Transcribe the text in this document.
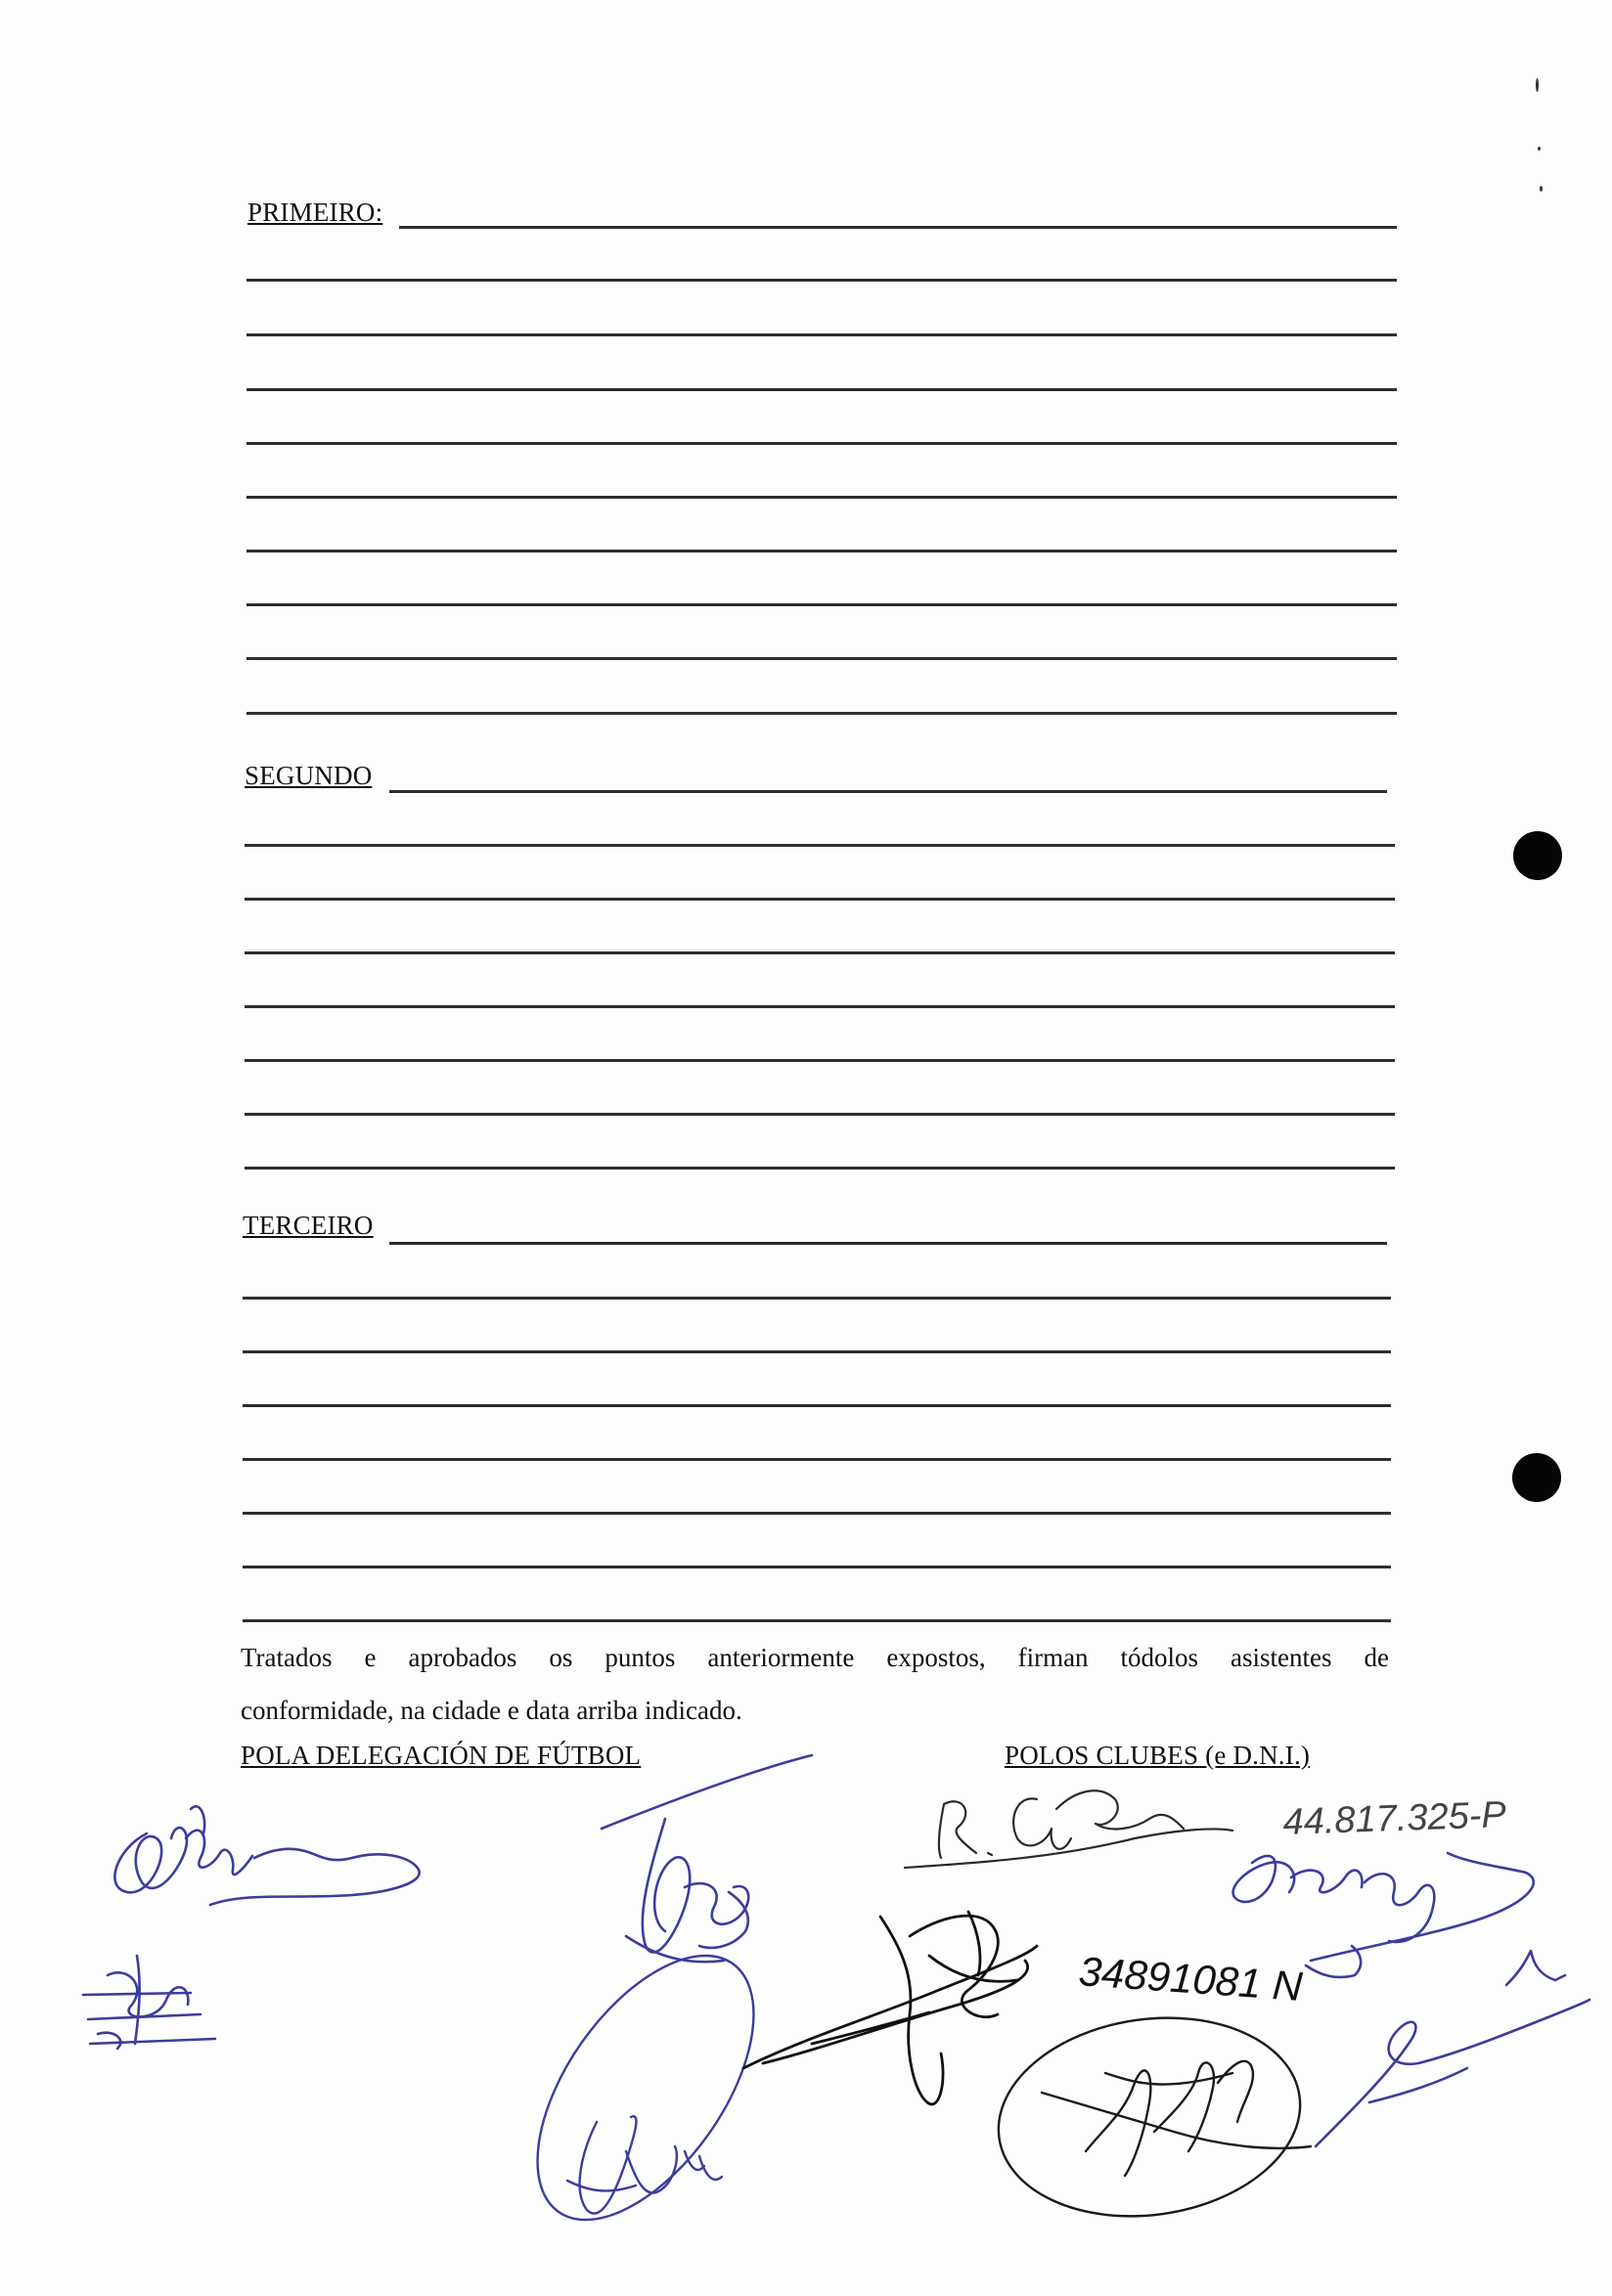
PRIMEIRO:
SEGUNDO
TERCEIRO
Tratados e aprobados os puntos anteriormente expostos, firman tódolos asistentes de
conformidade, na cidade e data arriba indicado.
POLA DELEGACIÓN DE FÚTBOL	POLOS CLUBES (e D.N.I.)
44.817.325-P
34891081 N
